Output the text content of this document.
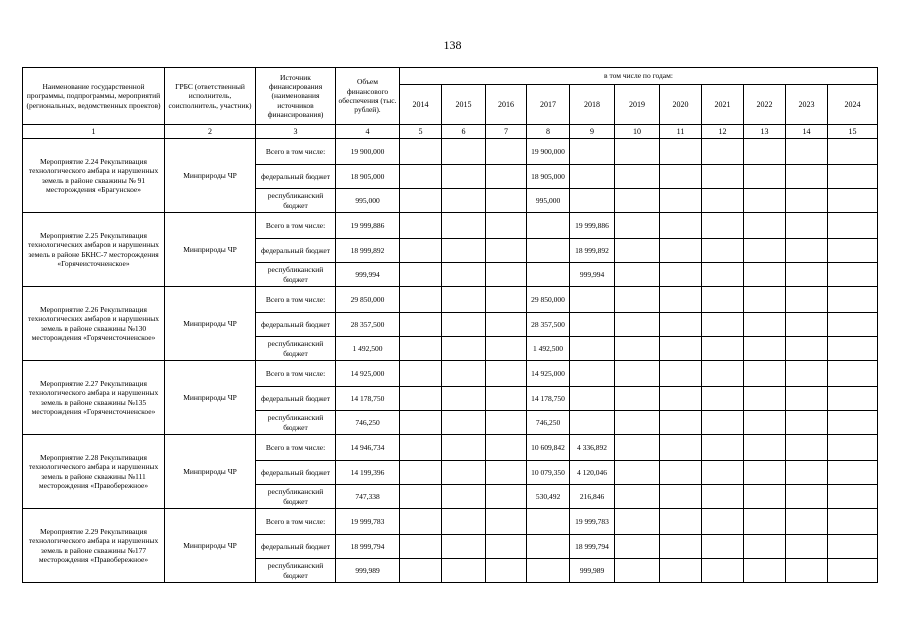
138
Наименование государственной программы, подпрограммы, мероприятий (региональных, ведомственных проектов)	ГРБС (ответственный исполнитель, соисполнитель, участник)	Источник финансирования (наименования источников финансирования)	Объем финансового обеспечения (тыс. рублей).	в том числе по годам:										
				2014	2015	2016	2017	2018	2019	2020	2021	2022	2023	2024
1	2	3	4	5	6	7	8	9	10	11	12	13	14	15
Мероприятие 2.24 Рекультивация технологического амбара и нарушенных земель в районе скважины № 91 месторождения «Брагунское»	Минприроды ЧР	Всего в том числе:	19 900,000				19 900,000							
		федеральный бюджет	18 905,000				18 905,000							
		республиканский бюджет	995,000				995,000							
Мероприятие 2.25 Рекультивация технологических амбаров и нарушенных земель в районе БКНС-7 месторождения «Горячеисточненское»	Минприроды ЧР	Всего в том числе:	19 999,886					19 999,886						
		федеральный бюджет	18 999,892					18 999,892						
		республиканский бюджет	999,994					999,994						
Мероприятие 2.26 Рекультивация технологических амбаров и нарушенных земель в районе скважины №130 месторождения «Горячеисточненское»	Минприроды ЧР	Всего в том числе:	29 850,000				29 850,000							
		федеральный бюджет	28 357,500				28 357,500							
		республиканский бюджет	1 492,500				1 492,500							
Мероприятие 2.27 Рекультивация технологического амбара и нарушенных земель в районе скважины №135 месторождения «Горячеисточненское»	Минприроды ЧР	Всего в том числе:	14 925,000				14 925,000							
		федеральный бюджет	14 178,750				14 178,750							
		республиканский бюджет	746,250				746,250							
Мероприятие 2.28 Рекультивация технологического амбара и нарушенных земель в районе скважины №111 месторождения «Правобережное»	Минприроды ЧР	Всего в том числе:	14 946,734				10 609,842	4 336,892						
		федеральный бюджет	14 199,396				10 079,350	4 120,046						
		республиканский бюджет	747,338				530,492	216,846						
Мероприятие 2.29 Рекультивация технологического амбара и нарушенных земель в районе скважины №177 месторождения «Правобережное»	Минприроды ЧР	Всего в том числе:	19 999,783					19 999,783						
		федеральный бюджет	18 999,794					18 999,794						
		республиканский бюджет	999,989					999,989						
